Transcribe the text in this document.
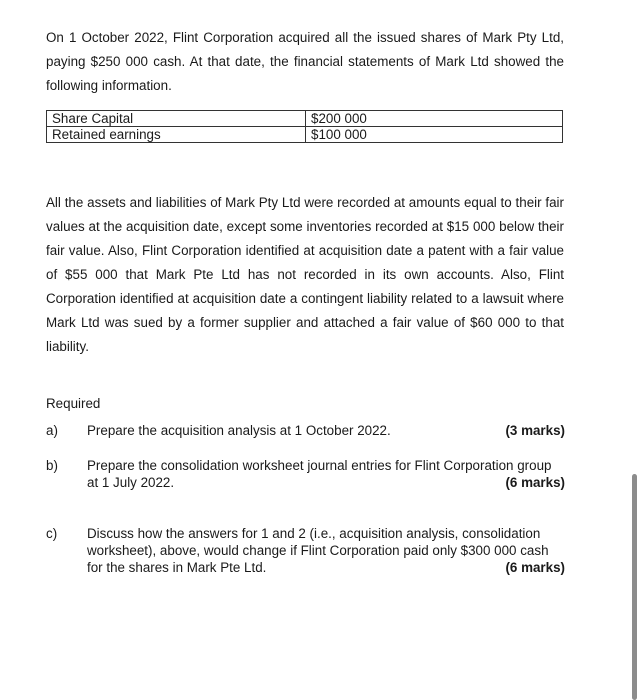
On 1 October 2022, Flint Corporation acquired all the issued shares of Mark Pty Ltd, paying $250 000 cash. At that date, the financial statements of Mark Ltd showed the following information.

Share Capital	$200 000
Retained earnings	$100 000

All the assets and liabilities of Mark Pty Ltd were recorded at amounts equal to their fair values at the acquisition date, except some inventories recorded at $15 000 below their fair value. Also, Flint Corporation identified at acquisition date a patent with a fair value of $55 000 that Mark Pte Ltd has not recorded in its own accounts. Also, Flint Corporation identified at acquisition date a contingent liability related to a lawsuit where Mark Ltd was sued by a former supplier and attached a fair value of $60 000 to that liability.

Required
a)	(3 marks)
Prepare the acquisition analysis at 1 October 2022.
b) Prepare the consolidation worksheet journal entries for Flint Corporation group at 1 July 2022.	(6 marks)
c) Discuss how the answers for 1 and 2 (i.e., acquisition analysis, consolidation worksheet), above, would change if Flint Corporation paid only $300 000 cash for the shares in Mark Pte Ltd.	(6 marks)
